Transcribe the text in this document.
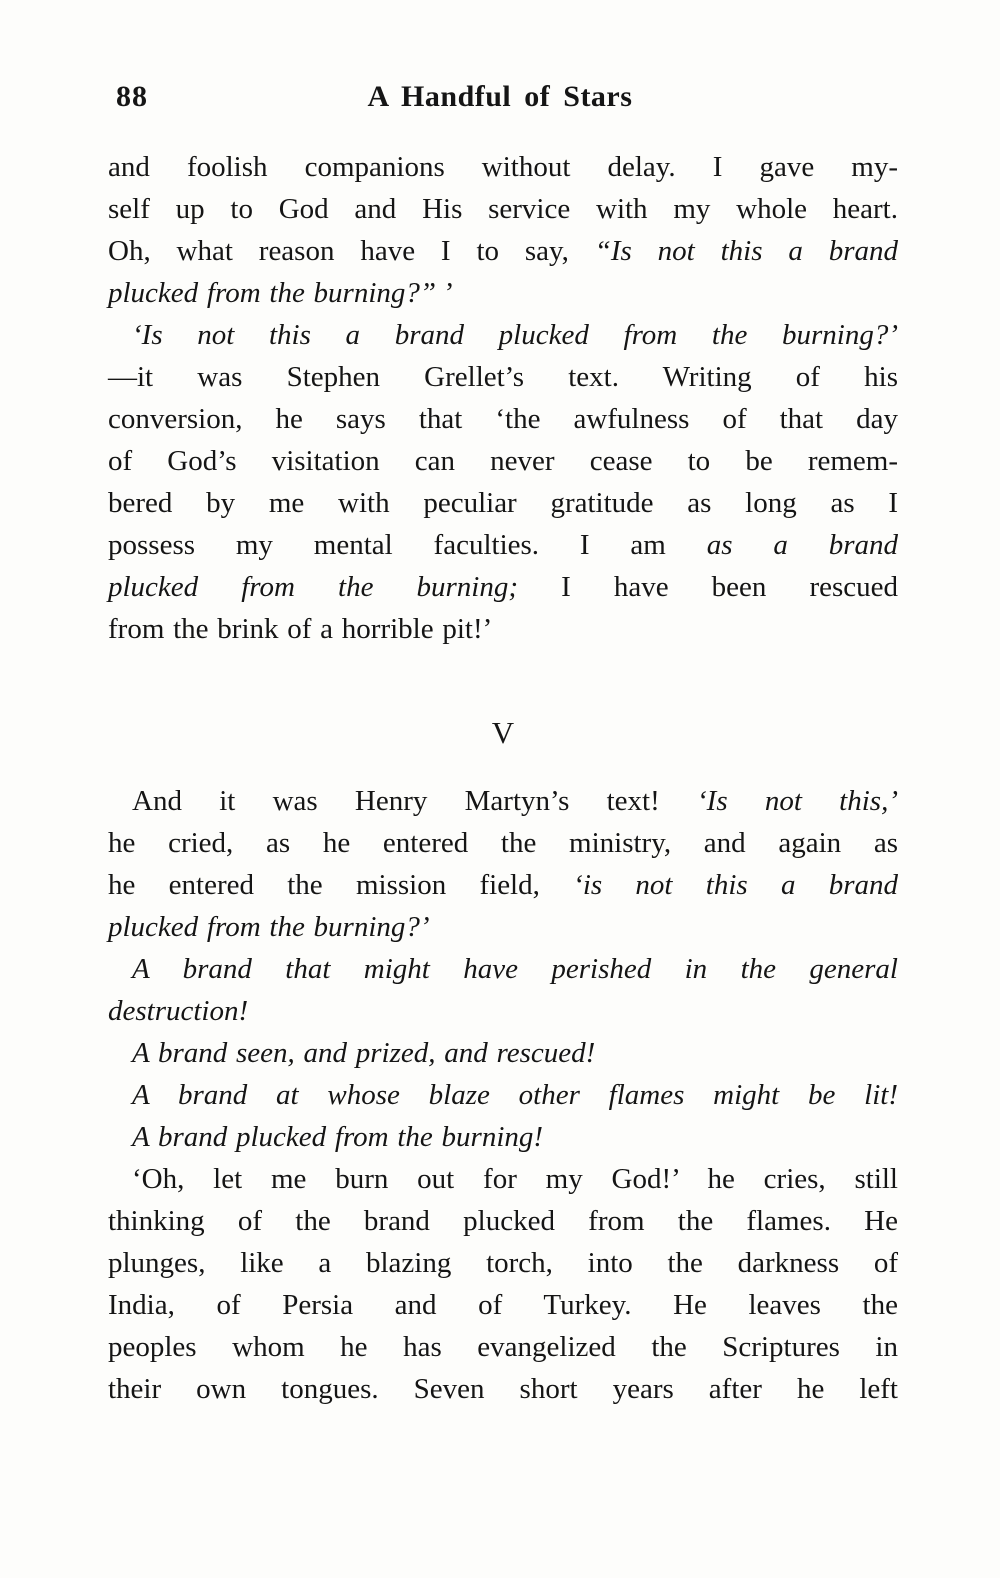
88	A Handful of Stars
and foolish companions without delay. I gave my-
self up to God and His service with my whole heart.
Oh, what reason have I to say, “Is not this a brand
plucked from the burning?” ’
‘Is not this a brand plucked from the burning?’
—it was Stephen Grellet’s text. Writing of his
conversion, he says that ‘the awfulness of that day
of God’s visitation can never cease to be remem-
bered by me with peculiar gratitude as long as I
possess my mental faculties. I am as a brand
plucked from the burning; I have been rescued
from the brink of a horrible pit!’
V
And it was Henry Martyn’s text! ‘Is not this,’
he cried, as he entered the ministry, and again as
he entered the mission field, ‘is not this a brand
plucked from the burning?’
A brand that might have perished in the general
destruction!
A brand seen, and prized, and rescued!
A brand at whose blaze other flames might be lit!
A brand plucked from the burning!
‘Oh, let me burn out for my God!’ he cries, still
thinking of the brand plucked from the flames. He
plunges, like a blazing torch, into the darkness of
India, of Persia and of Turkey. He leaves the
peoples whom he has evangelized the Scriptures in
their own tongues. Seven short years after he left
